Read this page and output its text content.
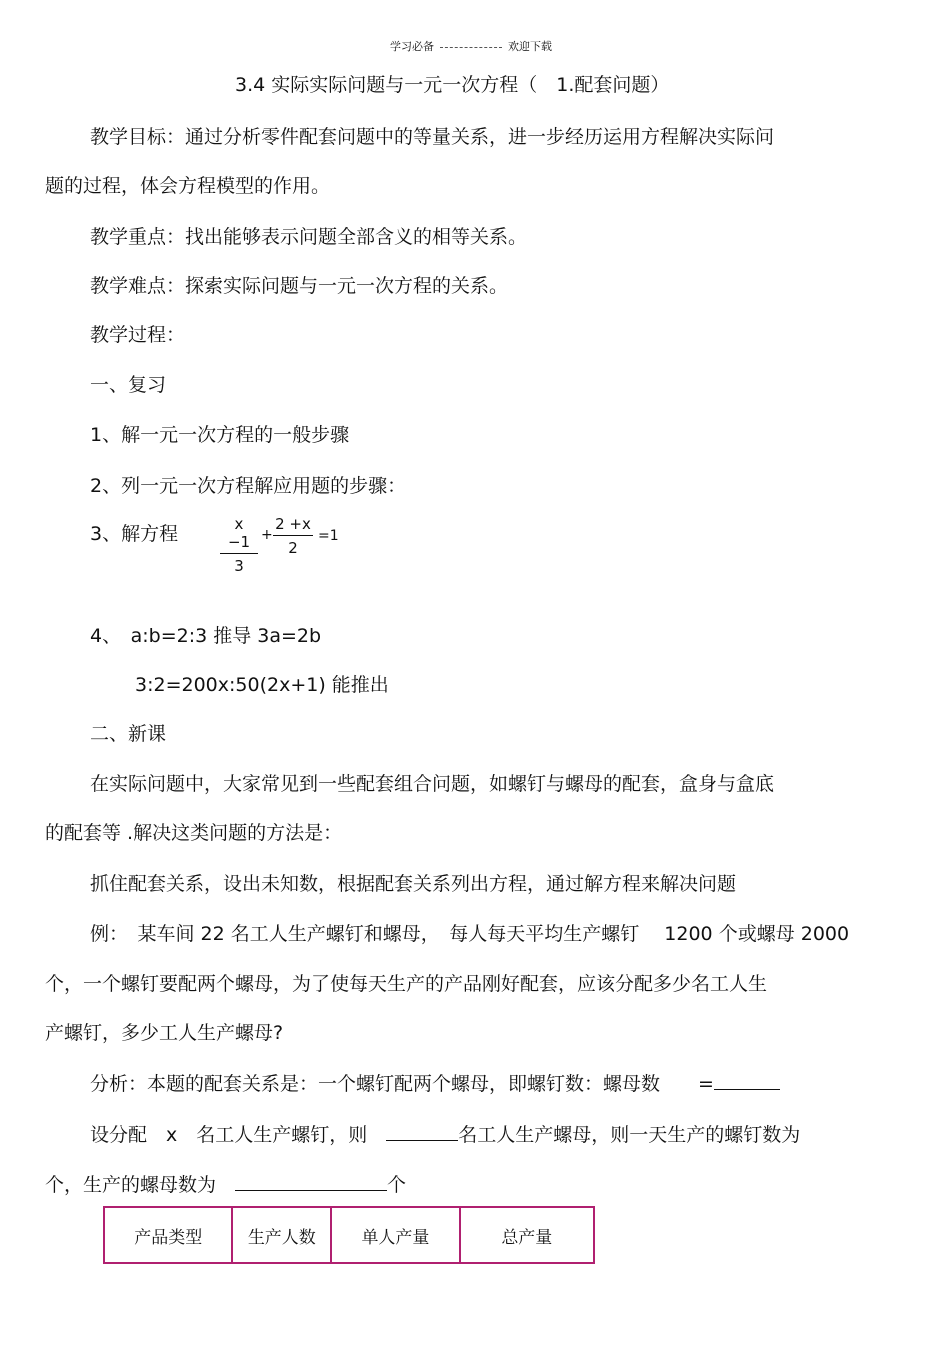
学习必备	欢迎下载
3.4 实际实际问题与一元一次方程（　1.配套问题）
教学目标：通过分析零件配套问题中的等量关系，进一步经历运用方程解决实际问
题的过程，体会方程模型的作用。
教学重点：找出能够表示问题全部含义的相等关系。
教学难点：探索实际问题与一元一次方程的关系。
教学过程：
一、复习
1、解一元一次方程的一般步骤
2、列一元一次方程解应用题的步骤：
3、解方程	$\frac{x -1}{3} + \frac{2 +x}{2} =1$
4、　a:b=2:3 推导 3a=2b
3:2=200x:50(2x+1) 能推出
二、新课
在实际问题中，大家常见到一些配套组合问题，如螺钉与螺母的配套，盒身与盒底
的配套等 .解决这类问题的方法是：
抓住配套关系，设出未知数，根据配套关系列出方程，通过解方程来解决问题
例：　某车间 22 名工人生产螺钉和螺母，　每人每天平均生产螺钉　 1200 个或螺母 2000
个，一个螺钉要配两个螺母，为了使每天生产的产品刚好配套，应该分配多少名工人生
产螺钉，多少工人生产螺母?
分析：本题的配套关系是：一个螺钉配两个螺母，即螺钉数：螺母数　　=
设分配　x　名工人生产螺钉，则　	名工人生产螺母，则一天生产的螺钉数为
个，生产的螺母数为　	个
产品类型	生产人数	单人产量	总产量
